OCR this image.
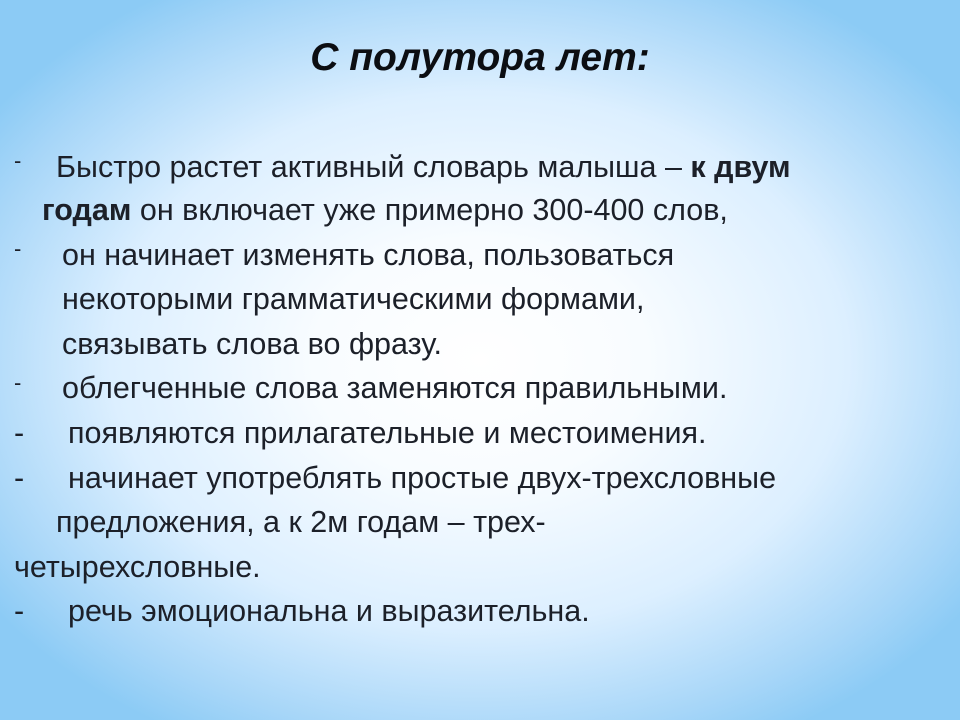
С полутора лет:
- Быстро растет активный словарь малыша – к двум
годам он включает уже примерно 300-400 слов,
- он начинает изменять слова, пользоваться
некоторыми грамматическими формами,
связывать слова во фразу.
- облегченные слова заменяются правильными.
- появляются прилагательные и местоимения.
- начинает употреблять простые двух-трехсловные
предложения, а к 2м годам – трех-
четырехсловные.
- речь эмоциональна и выразительна.
